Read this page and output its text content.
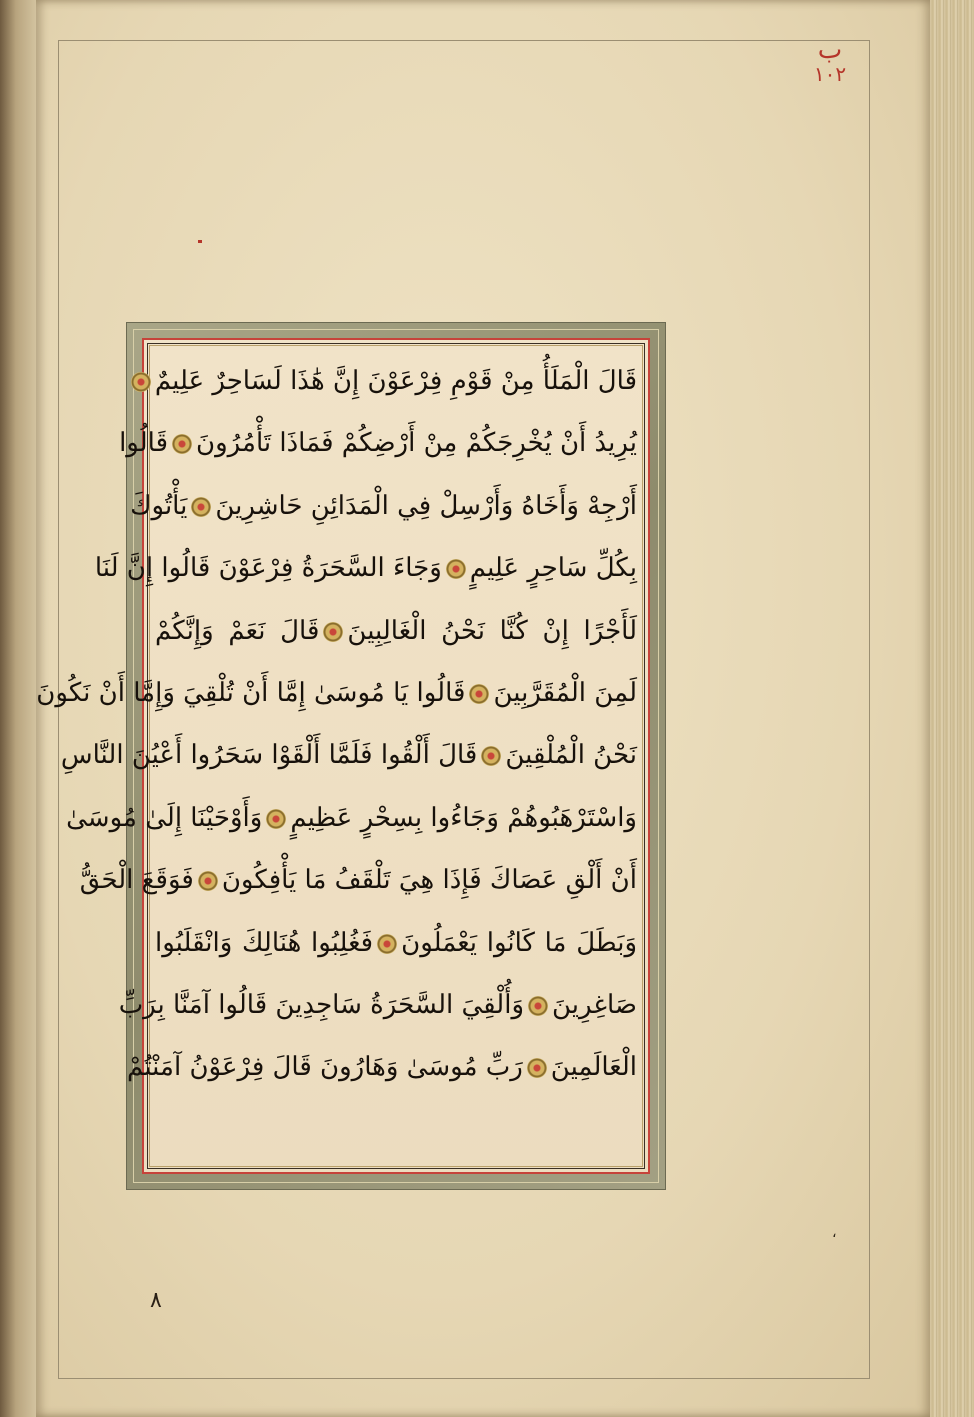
ب
١٠٢
،
٨
قَالَ الْمَلَأُ مِنْ قَوْمِ فِرْعَوْنَ إِنَّ هَٰذَا لَسَاحِرٌ عَلِيمٌ
يُرِيدُ أَنْ يُخْرِجَكُمْ مِنْ أَرْضِكُمْ فَمَاذَا تَأْمُرُونَقَالُوا
أَرْجِهْ وَأَخَاهُ وَأَرْسِلْ فِي الْمَدَائِنِ حَاشِرِينَيَأْتُوكَ
بِكُلِّ سَاحِرٍ عَلِيمٍوَجَاءَ السَّحَرَةُ فِرْعَوْنَ قَالُوا إِنَّ لَنَا
لَأَجْرًا إِنْ كُنَّا نَحْنُ الْغَالِبِينَقَالَ نَعَمْ وَإِنَّكُمْ
لَمِنَ الْمُقَرَّبِينَقَالُوا يَا مُوسَىٰ إِمَّا أَنْ تُلْقِيَ وَإِمَّا أَنْ نَكُونَ
نَحْنُ الْمُلْقِينَقَالَ أَلْقُوا فَلَمَّا أَلْقَوْا سَحَرُوا أَعْيُنَ النَّاسِ
وَاسْتَرْهَبُوهُمْ وَجَاءُوا بِسِحْرٍ عَظِيمٍوَأَوْحَيْنَا إِلَىٰ مُوسَىٰ
أَنْ أَلْقِ عَصَاكَ فَإِذَا هِيَ تَلْقَفُ مَا يَأْفِكُونَفَوَقَعَ الْحَقُّ
وَبَطَلَ مَا كَانُوا يَعْمَلُونَفَغُلِبُوا هُنَالِكَ وَانْقَلَبُوا
صَاغِرِينَوَأُلْقِيَ السَّحَرَةُ سَاجِدِينَ قَالُوا آمَنَّا بِرَبِّ
الْعَالَمِينَرَبِّ مُوسَىٰ وَهَارُونَ قَالَ فِرْعَوْنُ آمَنْتُمْ
